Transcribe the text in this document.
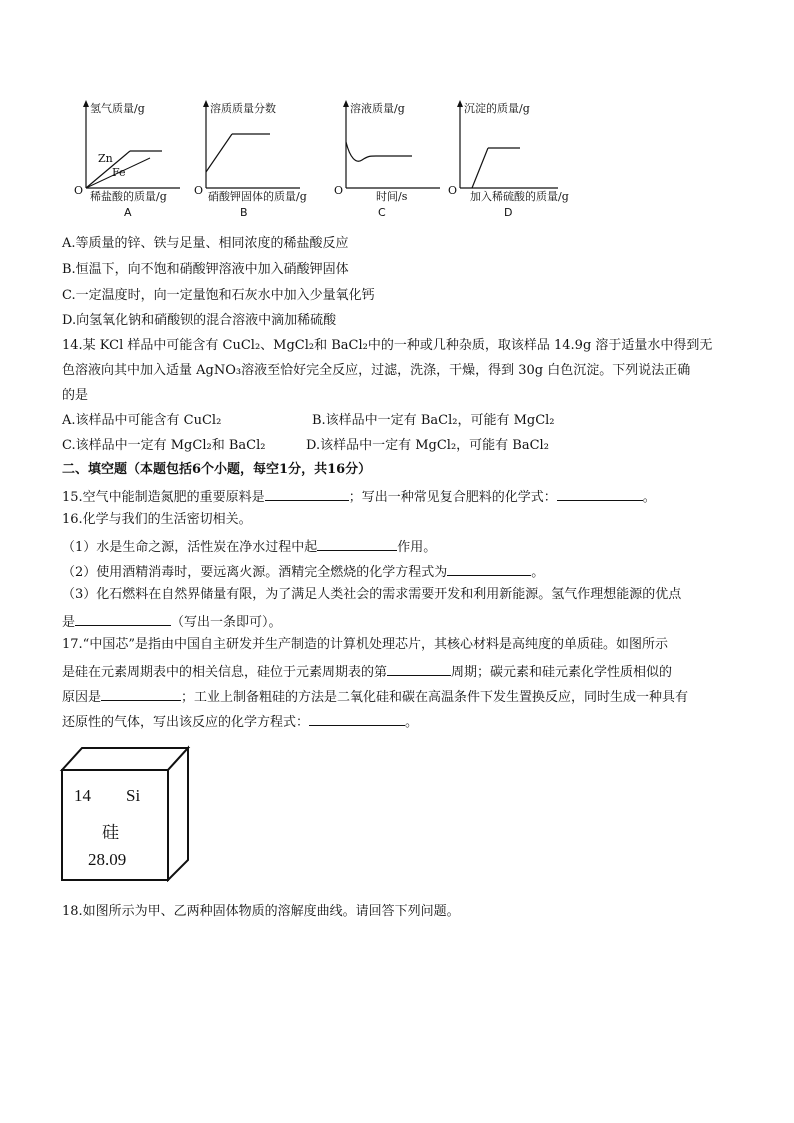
氢气质量/g
Zn
Fe
O 稀盐酸的质量/g
A
溶质质量分数
O 硝酸钾固体的质量/g
B
溶液质量/g
O	时间/s
C
沉淀的质量/g
O 加入稀硫酸的质量/g
D
A.等质量的锌、铁与足量、相同浓度的稀盐酸反应
B.恒温下，向不饱和硝酸钾溶液中加入硝酸钾固体
C.一定温度时，向一定量饱和石灰水中加入少量氧化钙
D.向氢氧化钠和硝酸钡的混合溶液中滴加稀硫酸
14.某 KCl 样品中可能含有 CuCl₂、MgCl₂和 BaCl₂中的一种或几种杂质，取该样品 14.9g 溶于适量水中得到无
色溶液向其中加入适量 AgNO₃溶液至恰好完全反应，过滤，洗涤，干燥，得到 30g 白色沉淀。下列说法正确
的是
A.该样品中可能含有 CuCl₂	B.该样品中一定有 BaCl₂，可能有 MgCl₂
C.该样品中一定有 MgCl₂和 BaCl₂	D.该样品中一定有 MgCl₂，可能有 BaCl₂
二、填空题（本题包括6个小题，每空1分，共16分）
15.空气中能制造氮肥的重要原料是	；写出一种常见复合肥料的化学式：	。
16.化学与我们的生活密切相关。
（1）水是生命之源，活性炭在净水过程中起	作用。
（2）使用酒精消毒时，要远离火源。酒精完全燃烧的化学方程式为	。
（3）化石燃料在自然界储量有限，为了满足人类社会的需求需要开发和利用新能源。氢气作理想能源的优点
是	（写出一条即可）。
17.“中国芯”是指由中国自主研发并生产制造的计算机处理芯片，其核心材料是高纯度的单质硅。如图所示
是硅在元素周期表中的相关信息，硅位于元素周期表的第	周期；碳元素和硅元素化学性质相似的
原因是	；工业上制备粗硅的方法是二氧化硅和碳在高温条件下发生置换反应，同时生成一种具有
还原性的气体，写出该反应的化学方程式：	。
14 Si
硅
28.09
18.如图所示为甲、乙两种固体物质的溶解度曲线。请回答下列问题。
